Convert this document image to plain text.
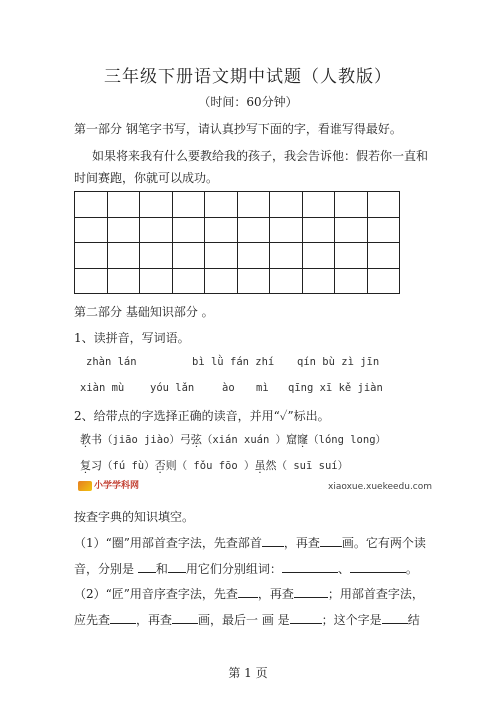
三年级下册语文期中试题（人教版）
（时间：60分钟）
第一部分 钢笔字书写，请认真抄写下面的字，看谁写得最好。
如果将来我有什么要教给我的孩子，我会告诉他：假若你一直和
时间赛跑，你就可以成功。

第二部分 基础知识部分 。
1、读拼音，写词语。
zhàn lán	bì lǜ fán zhí qín bù zì jīn
xiàn mù yóu lǎn	ào mì qīng xī kě jiàn
2、给带点的字选择正确的读音，并用“✓”标出。
教书（jiāo jiào）弓弦（xián xuán ）窟窿（lóng long）
复习（fú fù）否则（ fǒu fōo ）虽然（ suī suí）
小学学科网	xiaoxue.xuekeedu.com
按查字典的知识填空。
（1）“圈”用部首查字法，先查部首 ，再查 画。它有两个读
音，分别是 和 用它们分别组词：	、	。
（2）“匠”用音序查字法，先查 ，再查	；用部首查字法，
应先查 ，再查 画，最后一 画 是	；这个字是 结
第 1 页
